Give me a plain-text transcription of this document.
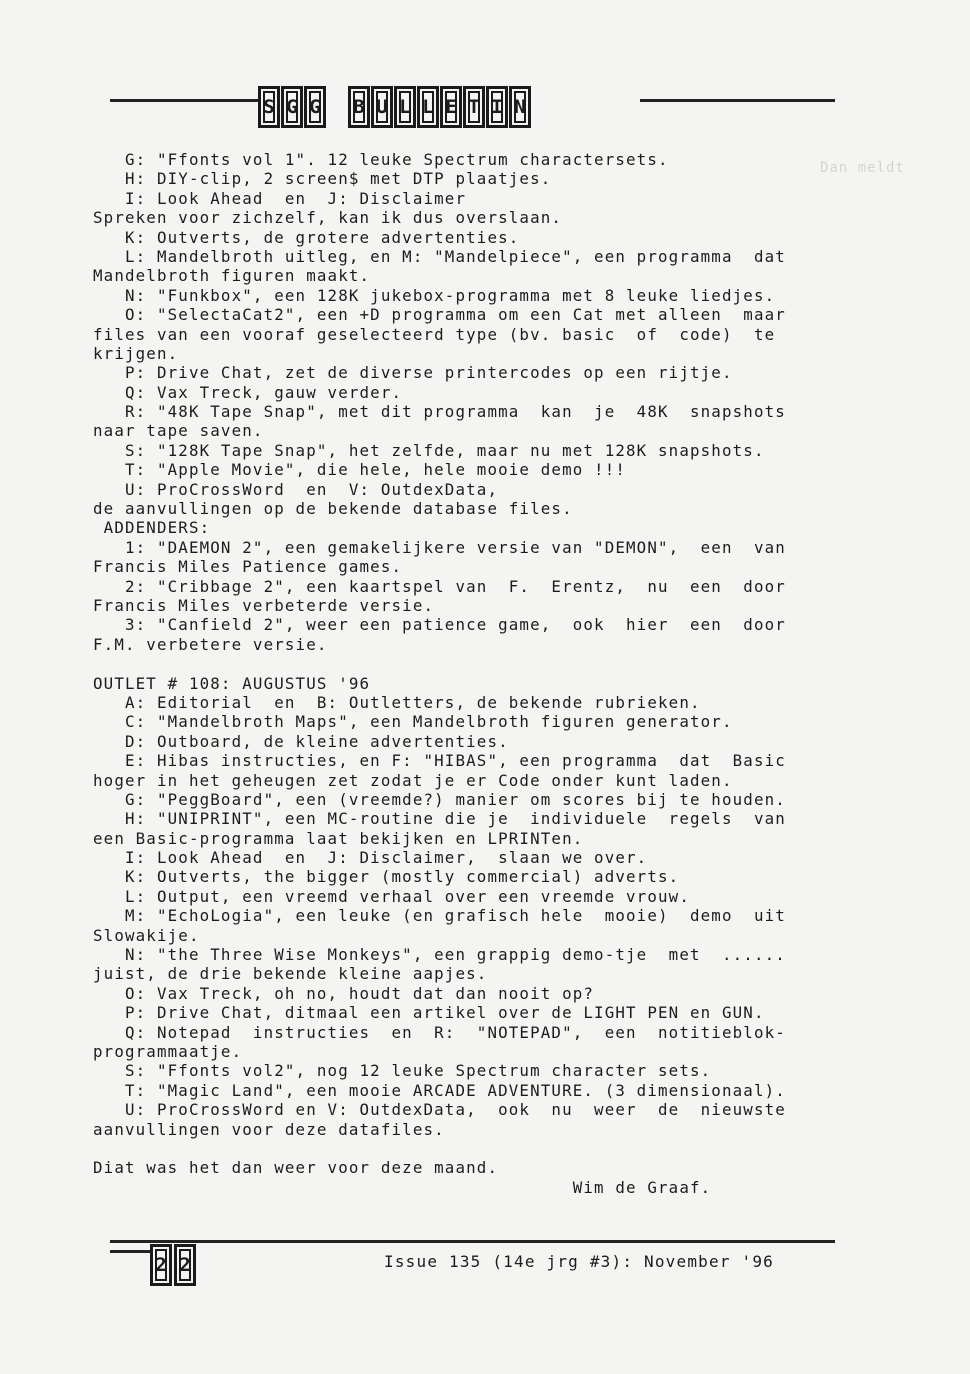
Dan meldt
S G G B U L L E T I N
G: "Ffonts vol 1". 12 leuke Spectrum charactersets.
H: DIY-clip, 2 screen$ met DTP plaatjes.
I: Look Ahead  en  J: Disclaimer
Spreken voor zichzelf, kan ik dus overslaan.
K: Outverts, de grotere advertenties.
L: Mandelbroth uitleg, en M: "Mandelpiece", een programma  dat
Mandelbroth figuren maakt.
N: "Funkbox", een 128K jukebox-programma met 8 leuke liedjes.
O: "SelectaCat2", een +D programma om een Cat met alleen  maar
files van een vooraf geselecteerd type (bv. basic  of  code)  te
krijgen.
P: Drive Chat, zet de diverse printercodes op een rijtje.
Q: Vax Treck, gauw verder.
R: "48K Tape Snap", met dit programma  kan  je  48K  snapshots
naar tape saven.
S: "128K Tape Snap", het zelfde, maar nu met 128K snapshots.
T: "Apple Movie", die hele, hele mooie demo !!!
U: ProCrossWord  en  V: OutdexData,
de aanvullingen op de bekende database files.
ADDENDERS:
1: "DAEMON 2", een gemakelijkere versie van "DEMON",  een  van
Francis Miles Patience games.
2: "Cribbage 2", een kaartspel van  F.  Erentz,  nu  een  door
Francis Miles verbeterde versie.
3: "Canfield 2", weer een patience game,  ook  hier  een  door
F.M. verbetere versie.
OUTLET # 108: AUGUSTUS '96
A: Editorial  en  B: Outletters, de bekende rubrieken.
C: "Mandelbroth Maps", een Mandelbroth figuren generator.
D: Outboard, de kleine advertenties.
E: Hibas instructies, en F: "HIBAS", een programma  dat  Basic
hoger in het geheugen zet zodat je er Code onder kunt laden.
G: "PeggBoard", een (vreemde?) manier om scores bij te houden.
H: "UNIPRINT", een MC-routine die je  individuele  regels  van
een Basic-programma laat bekijken en LPRINTen.
I: Look Ahead  en  J: Disclaimer,  slaan we over.
K: Outverts, the bigger (mostly commercial) adverts.
L: Output, een vreemd verhaal over een vreemde vrouw.
M: "EchoLogia", een leuke (en grafisch hele  mooie)  demo  uit
Slowakije.
N: "the Three Wise Monkeys", een grappig demo-tje  met  ......
juist, de drie bekende kleine aapjes.
O: Vax Treck, oh no, houdt dat dan nooit op?
P: Drive Chat, ditmaal een artikel over de LIGHT PEN en GUN.
Q: Notepad  instructies  en  R:  "NOTEPAD",  een  notitieblok-
programmaatje.
S: "Ffonts vol2", nog 12 leuke Spectrum character sets.
T: "Magic Land", een mooie ARCADE ADVENTURE. (3 dimensionaal).
U: ProCrossWord en V: OutdexData,  ook  nu  weer  de  nieuwste
aanvullingen voor deze datafiles.
Diat was het dan weer voor deze maand.
Wim de Graaf.
2 2	Issue 135 (14e jrg #3): November '96
